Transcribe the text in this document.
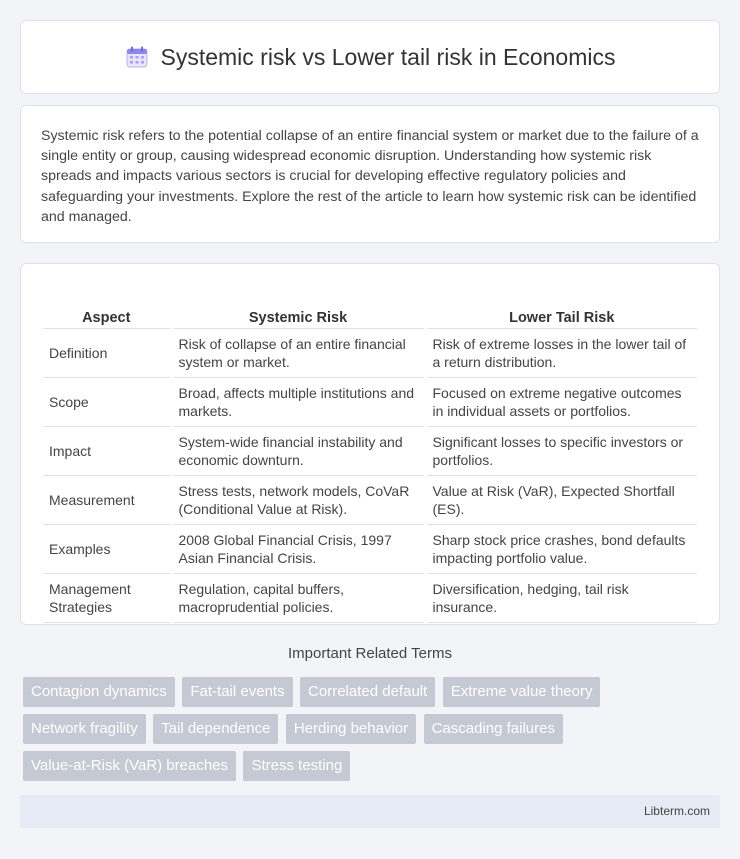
Systemic risk vs Lower tail risk in Economics

Systemic risk refers to the potential collapse of an entire financial system or market due to the failure of a single entity or group, causing widespread economic disruption. Understanding how systemic risk spreads and impacts various sectors is crucial for developing effective regulatory policies and safeguarding your investments. Explore the rest of the article to learn how systemic risk can be identified and managed.

Aspect	Systemic Risk	Lower Tail Risk
Definition	Risk of collapse of an entire financial system or market.	Risk of extreme losses in the lower tail of a return distribution.
Scope	Broad, affects multiple institutions and markets.	Focused on extreme negative outcomes in individual assets or portfolios.
Impact	System-wide financial instability and economic downturn.	Significant losses to specific investors or portfolios.
Measurement	Stress tests, network models, CoVaR (Conditional Value at Risk).	Value at Risk (VaR), Expected Shortfall (ES).
Examples	2008 Global Financial Crisis, 1997 Asian Financial Crisis.	Sharp stock price crashes, bond defaults impacting portfolio value.
Management Strategies	Regulation, capital buffers, macroprudential policies.	Diversification, hedging, tail risk insurance.
Important Related Terms
Contagion dynamics Fat-tail events Correlated default Extreme value theory Network fragility Tail dependence Herding behavior Cascading failures Value-at-Risk (VaR) breaches Stress testing
Libterm.com
